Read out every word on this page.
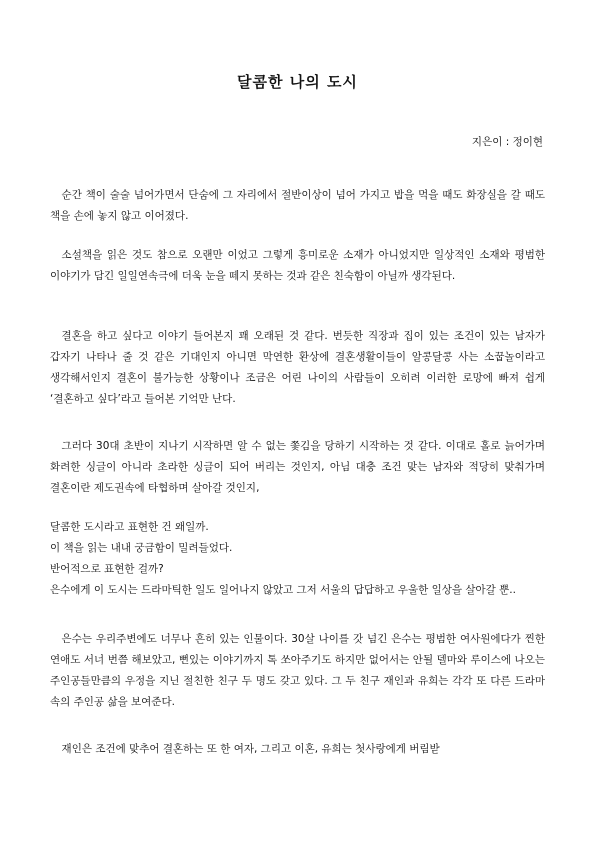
달콤한 나의 도시
지은이 : 정이현

순간 책이 술술 넘어가면서 단숨에 그 자리에서 절반이상이 넘어 가지고 밥을 먹을 때도 화장실을 갈 때도 책을 손에 놓지 않고 이어졌다.

소설책을 읽은 것도 참으로 오랜만 이었고 그렇게 흥미로운 소재가 아니었지만 일상적인 소재와 평범한 이야기가 담긴 일일연속극에 더욱 눈을 떼지 못하는 것과 같은 친숙함이 아닐까 생각된다.

결혼을 하고 싶다고 이야기 들어본지 꽤 오래된 것 같다. 번듯한 직장과 집이 있는 조건이 있는 남자가 갑자기 나타나 줄 것 같은 기대인지 아니면 막연한 환상에 결혼생활이들이 알콩달콩 사는 소꿉놀이라고 생각해서인지 결혼이 불가능한 상황이나 조금은 어린 나이의 사람들이 오히려 이러한 로망에 빠져 쉽게 ‘결혼하고 싶다’라고 들어본 기억만 난다.

그러다 30대 초반이 지나기 시작하면 알 수 없는 쫓김을 당하기 시작하는 것 같다. 이대로 홀로 늙어가며 화려한 싱글이 아니라 초라한 싱글이 되어 버리는 것인지, 아님 대충 조건 맞는 남자와 적당히 맞춰가며 결혼이란 제도권속에 타협하며 살아갈 것인지,

달콤한 도시라고 표현한 건 왜일까.

이 책을 읽는 내내 궁금함이 밀려들었다.

반어적으로 표현한 걸까?

은수에게 이 도시는 드라마틱한 일도 일어나지 않았고 그저 서울의 답답하고 우울한 일상을 살아갈 뿐..

은수는 우리주변에도 너무나 흔히 있는 인물이다. 30살 나이를 갓 넘긴 은수는 평범한 여사원에다가 찐한 연애도 서너 번쯤 해보았고, 뻔있는 이야기까지 톡 쏘아주기도 하지만 없어서는 안될 델마와 루이스에 나오는 주인공들만큼의 우정을 지닌 절친한 친구 두 명도 갖고 있다. 그 두 친구 재인과 유희는 각각 또 다른 드라마 속의 주인공 삶을 보여준다.

재인은 조건에 맞추어 결혼하는 또 한 여자, 그리고 이혼, 유희는 첫사랑에게 버림받
